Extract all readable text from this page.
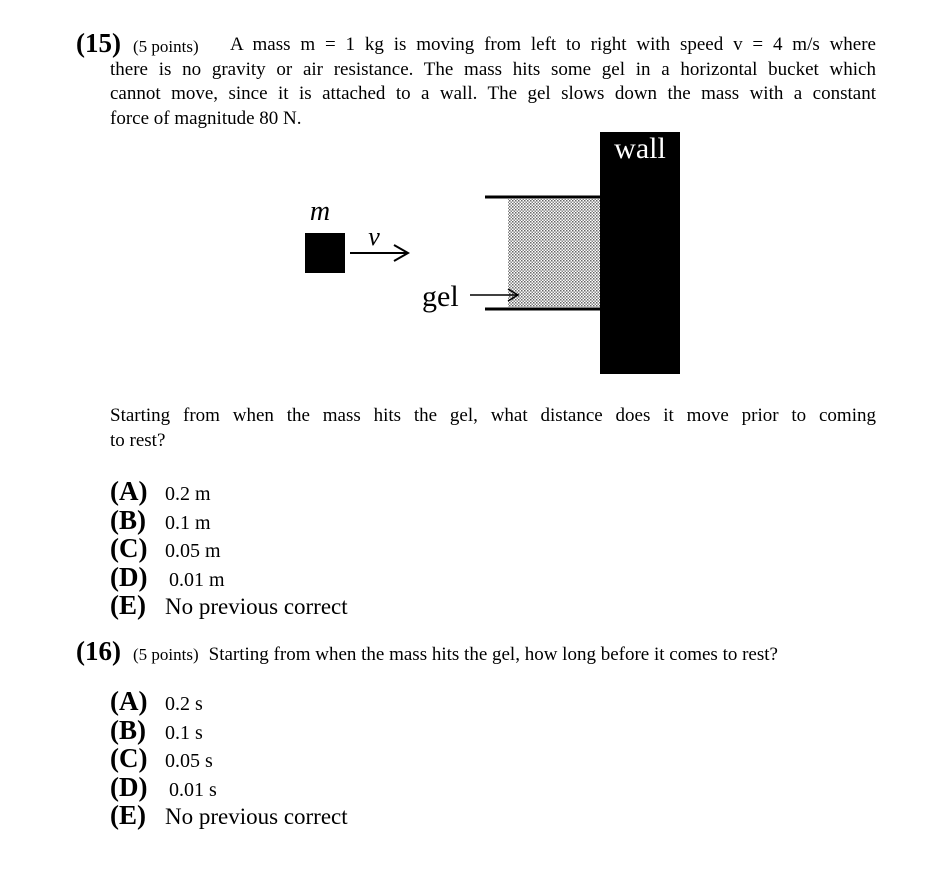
(15) (5 points)	A mass m = 1 kg is moving from left to right with speed v = 4 m/s where
there is no gravity or air resistance. The mass hits some gel in a horizontal bucket which
cannot move, since it is attached to a wall. The gel slows down the mass with a constant
force of magnitude 80 N.
wall
m
v
gel
Starting from when the mass hits the gel, what distance does it move prior to coming
to rest?
(A) 0.2 m
(B) 0.1 m
(C) 0.05 m
(D)	0.01 m
(E) No previous correct
(16) (5 points) Starting from when the mass hits the gel, how long before it comes to rest?
(A) 0.2 s
(B) 0.1 s
(C) 0.05 s
(D)	0.01 s
(E) No previous correct
